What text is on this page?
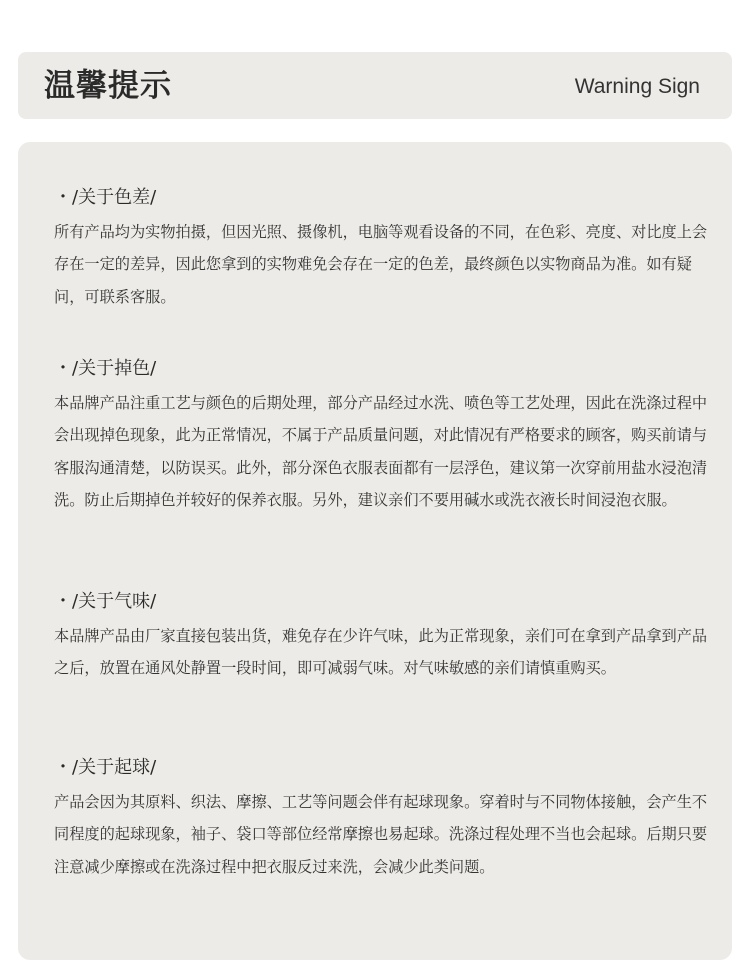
温馨提示	Warning Sign
・/关于色差/

所有产品均为实物拍摄，但因光照、摄像机，电脑等观看设备的不同，在色彩、亮度、对比度上会存在一定的差异，因此您拿到的实物难免会存在一定的色差，最终颜色以实物商品为准。如有疑问，可联系客服。

・/关于掉色/

本品牌产品注重工艺与颜色的后期处理，部分产品经过水洗、喷色等工艺处理，因此在洗涤过程中会出现掉色现象，此为正常情况，不属于产品质量问题，对此情况有严格要求的顾客，购买前请与客服沟通清楚，以防误买。此外，部分深色衣服表面都有一层浮色，建议第一次穿前用盐水浸泡清洗。防止后期掉色并较好的保养衣服。另外，建议亲们不要用碱水或洗衣液长时间浸泡衣服。

・/关于气味/

本品牌产品由厂家直接包装出货，难免存在少许气味，此为正常现象，亲们可在拿到产品拿到产品之后，放置在通风处静置一段时间，即可减弱气味。对气味敏感的亲们请慎重购买。

・/关于起球/

产品会因为其原料、织法、摩擦、工艺等问题会伴有起球现象。穿着时与不同物体接触，会产生不同程度的起球现象，袖子、袋口等部位经常摩擦也易起球。洗涤过程处理不当也会起球。后期只要注意减少摩擦或在洗涤过程中把衣服反过来洗，会减少此类问题。
